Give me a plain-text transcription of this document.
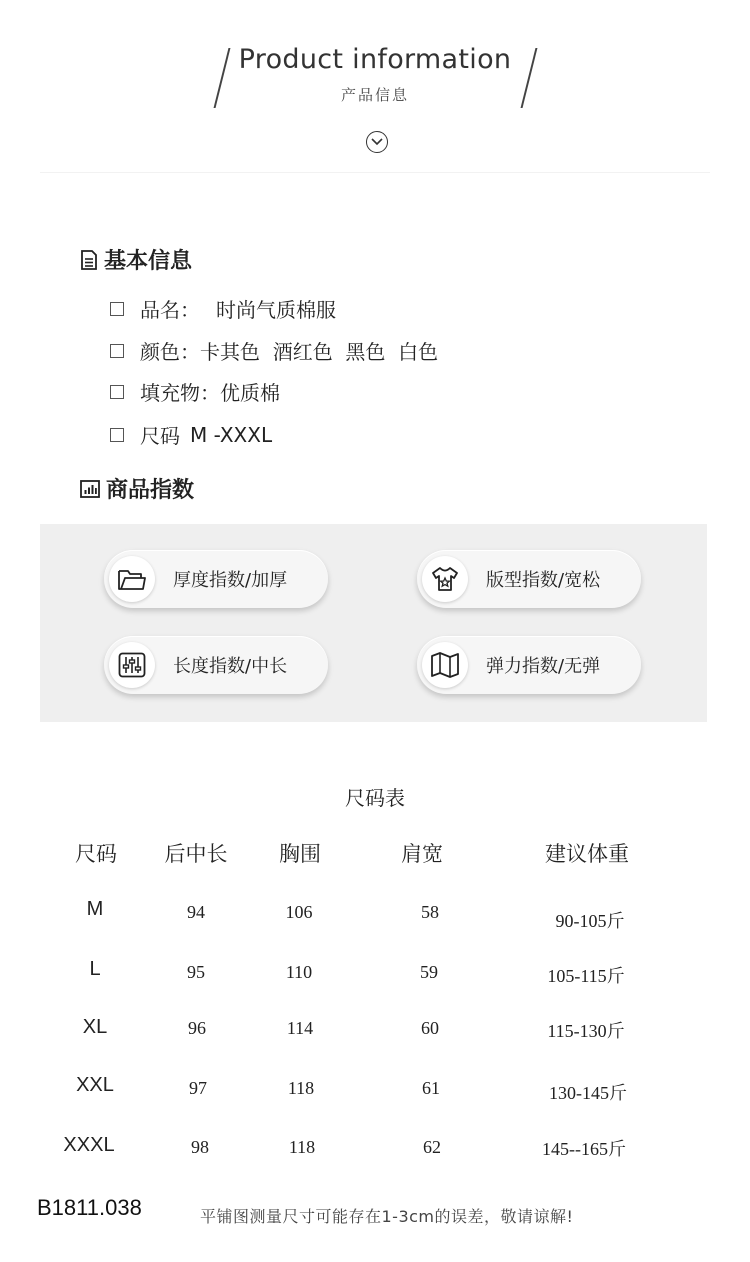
Product information
产品信息
基本信息
品名： 时尚气质棉服
颜色： 卡其色  酒红色  黑色  白色
填充物： 优质棉
尺码 M -XXXL
商品指数
厚度指数/加厚	版型指数/宽松
长度指数/中长	弹力指数/无弹
尺码表
尺码	后中长	胸围	肩宽	建议体重
M	94	106	58	90-105斤
L	95	110	59	105-115斤
XL	96	114	60	115-130斤
XXL	97	118	61	130-145斤
XXXL	98	118	62	145--165斤
B1811.038	平铺图测量尺寸可能存在1-3cm的误差，敬请谅解!
